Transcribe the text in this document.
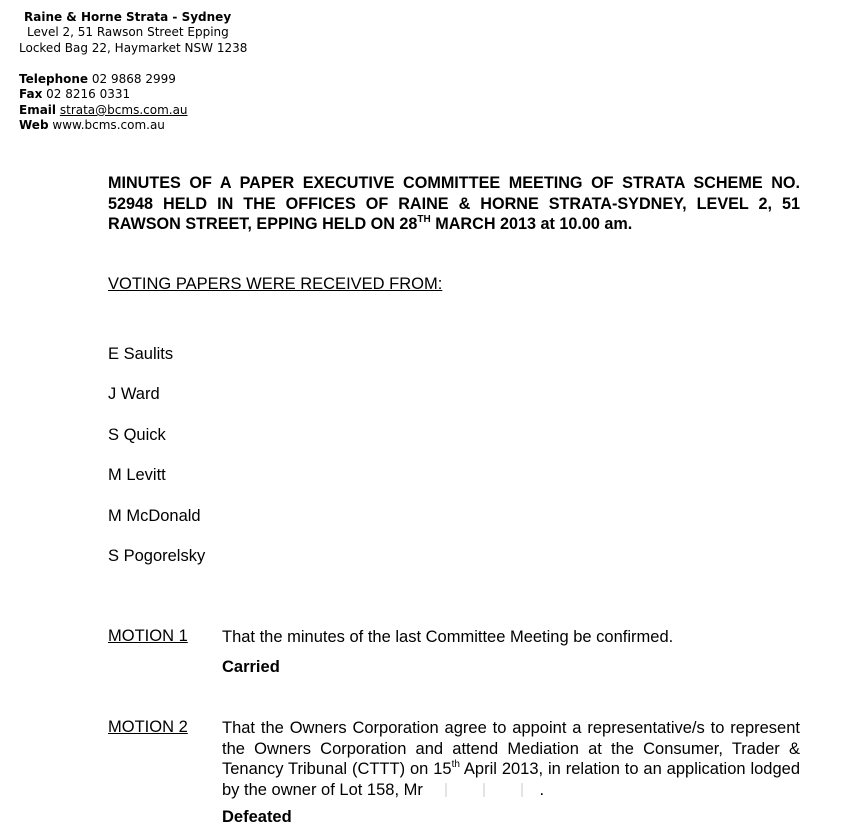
Raine & Horne Strata - Sydney
Level 2, 51 Rawson Street Epping
Locked Bag 22, Haymarket NSW 1238
Telephone 02 9868 2999
Fax 02 8216 0331
Email strata@bcms.com.au
Web www.bcms.com.au

MINUTES OF A PAPER EXECUTIVE COMMITTEE MEETING OF STRATA SCHEME NO. 52948 HELD IN THE OFFICES OF RAINE & HORNE STRATA-SYDNEY, LEVEL 2, 51 RAWSON STREET, EPPING HELD ON 28TH MARCH 2013 at 10.00 am.

VOTING PAPERS WERE RECEIVED FROM:

E Saulits
J Ward
S Quick
M Levitt
M McDonald
S Pogorelsky
MOTION 1 That the minutes of the last Committee Meeting be confirmed.

Carried
MOTION 2 That the Owners Corporation agree to appoint a representative/s to represent the Owners Corporation and attend Mediation at the Consumer, Trader & Tenancy Tribunal (CTTT) on 15th April 2013, in relation to an application lodged by the owner of Lot 158, Mr	.

Defeated
